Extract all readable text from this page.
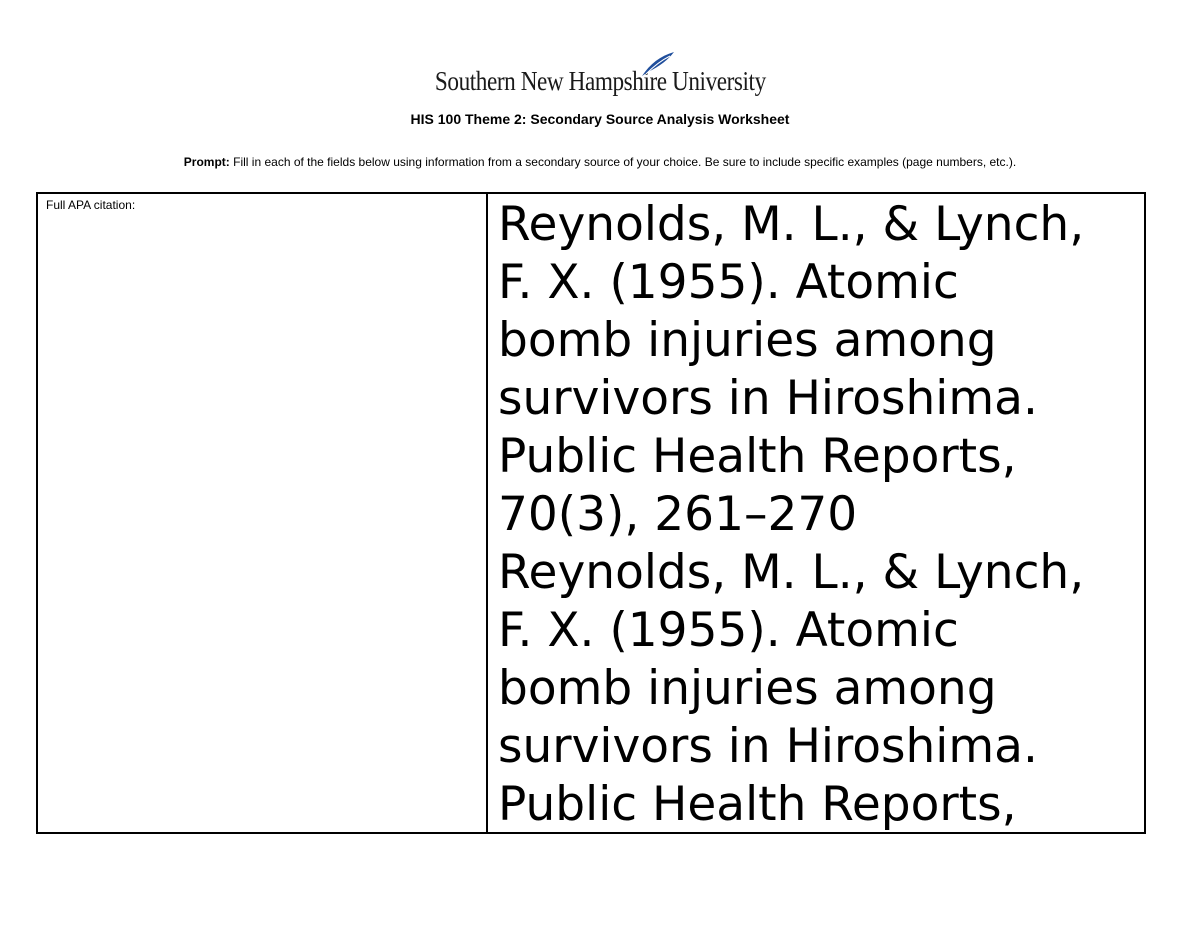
Southern New Hampshire University
HIS 100 Theme 2: Secondary Source Analysis Worksheet
Prompt: Fill in each of the fields below using information from a secondary source of your choice. Be sure to include specific examples (page numbers, etc.).
Full APA citation:	Reynolds, M. L., & Lynch,
F. X. (1955). Atomic
bomb injuries among
survivors in Hiroshima.
Public Health Reports,
70(3), 261–270
Reynolds, M. L., & Lynch,
F. X. (1955). Atomic
bomb injuries among
survivors in Hiroshima.
Public Health Reports,
